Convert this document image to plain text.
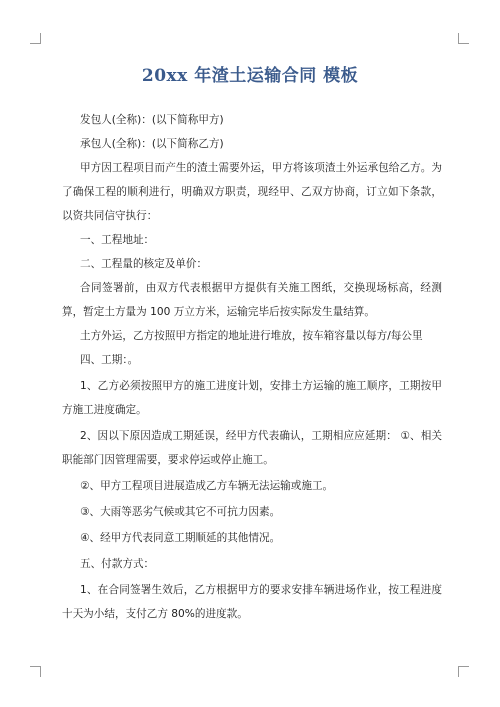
20xx 年渣土运输合同 模板

发包人(全称)：(以下简称甲方)

承包人(全称)：(以下简称乙方)

甲方因工程项目而产生的渣土需要外运，甲方将该项渣土外运承包给乙方。为了确保工程的顺利进行，明确双方职责，现经甲、乙双方协商，订立如下条款， 以资共同信守执行：

一、工程地址：

二、工程量的核定及单价：

合同签署前，由双方代表根据甲方提供有关施工图纸，交换现场标高，经测算，暂定土方量为 100 万立方米，运输完毕后按实际发生量结算。

土方外运，乙方按照甲方指定的地址进行堆放，按车箱容量以每方/每公里

四、工期：。

1、乙方必须按照甲方的施工进度计划，安排土方运输的施工顺序，工期按甲方施工进度确定。

2、因以下原因造成工期延误，经甲方代表确认，工期相应应延期： ①、相关职能部门因管理需要，要求停运或停止施工。

②、甲方工程项目进展造成乙方车辆无法运输或施工。

③、大雨等恶劣气候或其它不可抗力因素。

④、经甲方代表同意工期顺延的其他情况。

五、付款方式：

1、在合同签署生效后，乙方根据甲方的要求安排车辆进场作业，按工程进度十天为小结，支付乙方 80%的进度款。
